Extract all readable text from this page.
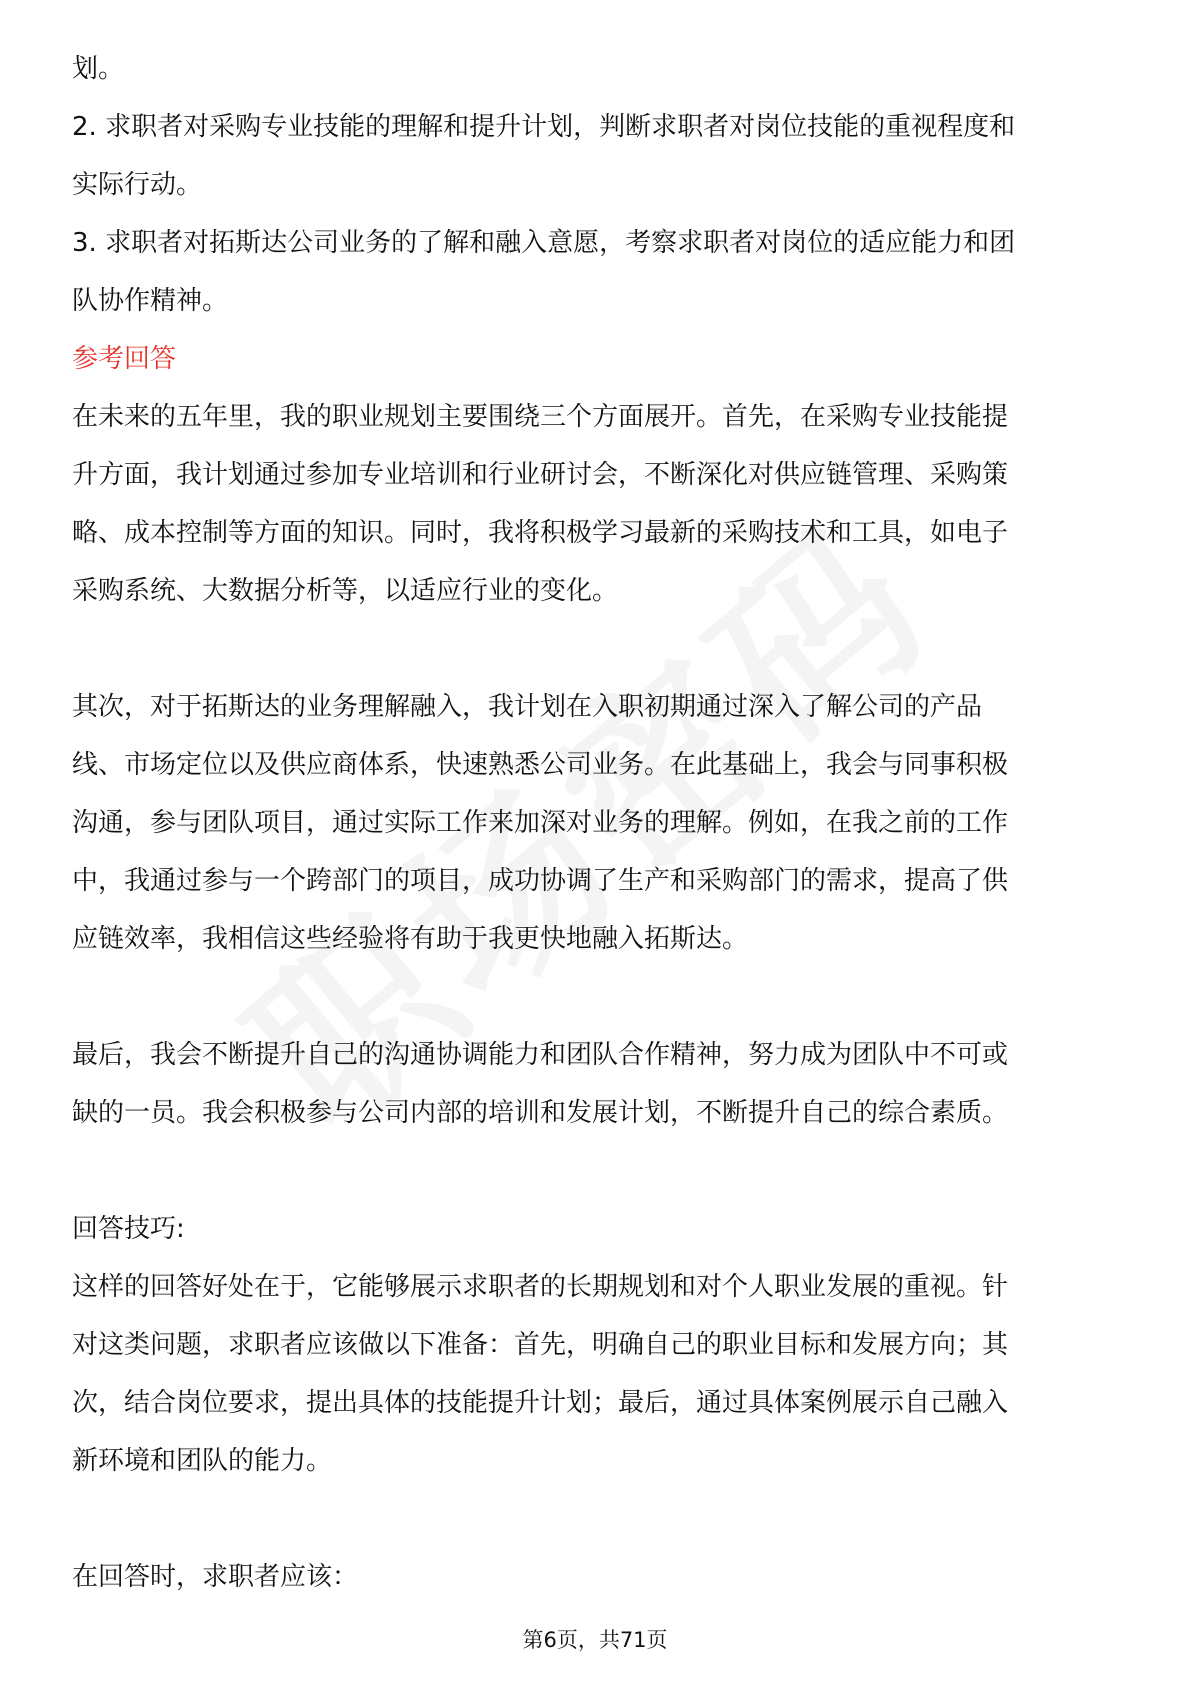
划。
2. 求职者对采购专业技能的理解和提升计划，判断求职者对岗位技能的重视程度和
实际行动。
3. 求职者对拓斯达公司业务的了解和融入意愿，考察求职者对岗位的适应能力和团
队协作精神。
参考回答
在未来的五年里，我的职业规划主要围绕三个方面展开。首先，在采购专业技能提
升方面，我计划通过参加专业培训和行业研讨会，不断深化对供应链管理、采购策
略、成本控制等方面的知识。同时，我将积极学习最新的采购技术和工具，如电子
采购系统、大数据分析等，以适应行业的变化。
其次，对于拓斯达的业务理解融入，我计划在入职初期通过深入了解公司的产品
线、市场定位以及供应商体系，快速熟悉公司业务。在此基础上，我会与同事积极
沟通，参与团队项目，通过实际工作来加深对业务的理解。例如，在我之前的工作
中，我通过参与一个跨部门的项目，成功协调了生产和采购部门的需求，提高了供
应链效率，我相信这些经验将有助于我更快地融入拓斯达。
最后，我会不断提升自己的沟通协调能力和团队合作精神，努力成为团队中不可或
缺的一员。我会积极参与公司内部的培训和发展计划，不断提升自己的综合素质。
回答技巧:
这样的回答好处在于，它能够展示求职者的长期规划和对个人职业发展的重视。针
对这类问题，求职者应该做以下准备：首先，明确自己的职业目标和发展方向；其
次，结合岗位要求，提出具体的技能提升计划；最后，通过具体案例展示自己融入
新环境和团队的能力。
在回答时，求职者应该：
第6页，共71页
